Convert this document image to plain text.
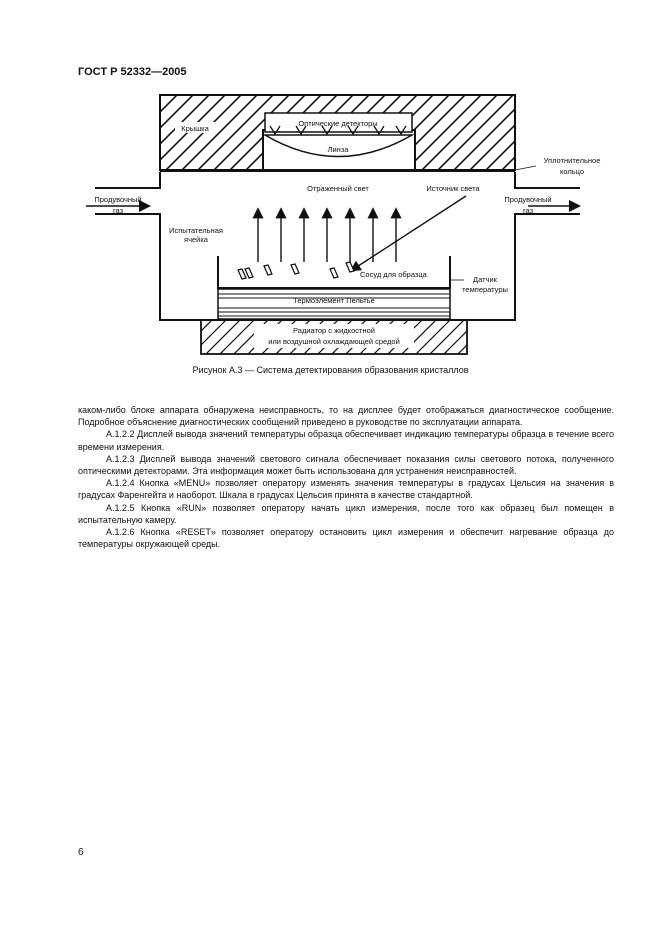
ГОСТ Р 52332—2005
Крышка
Оптические детекторы
Линза
Уплотнительное
кольцо
Продувочный
газ
Продувочный
газ
Отраженный свет	Источник света
Испытательная
ячейка
Сосуд для образца
Датчик
температуры
Термоэлемент Пельтье
Радиатор с жидкостной
или воздушной охлаждающей средой
Рисунок А.3 — Система детектирования образования кристаллов

каком-либо блоке аппарата обнаружена неисправность, то на дисплее будет отображаться диагностическое сообщение. Подробное объяснение диагностических сообщений приведено в руководстве по эксплуатации аппарата.

А.1.2.2 Дисплей вывода значений температуры образца обеспечивает индикацию температуры образца в течение всего времени измерения.

А.1.2.3 Дисплей вывода значений светового сигнала обеспечивает показания силы светового потока, полученного оптическими детекторами. Эта информация может быть использована для устранения неисправностей.

А.1.2.4 Кнопка «MENU» позволяет оператору изменять значения температуры в градусах Цельсия на значения в градусах Фаренгейта и наоборот. Шкала в градусах Цельсия принята в качестве стандартной.

А.1.2.5 Кнопка «RUN» позволяет оператору начать цикл измерения, после того как образец был помещен в испытательную камеру.

А.1.2.6 Кнопка «RESET» позволяет оператору остановить цикл измерения и обеспечит нагревание образца до температуры окружающей среды.

6
